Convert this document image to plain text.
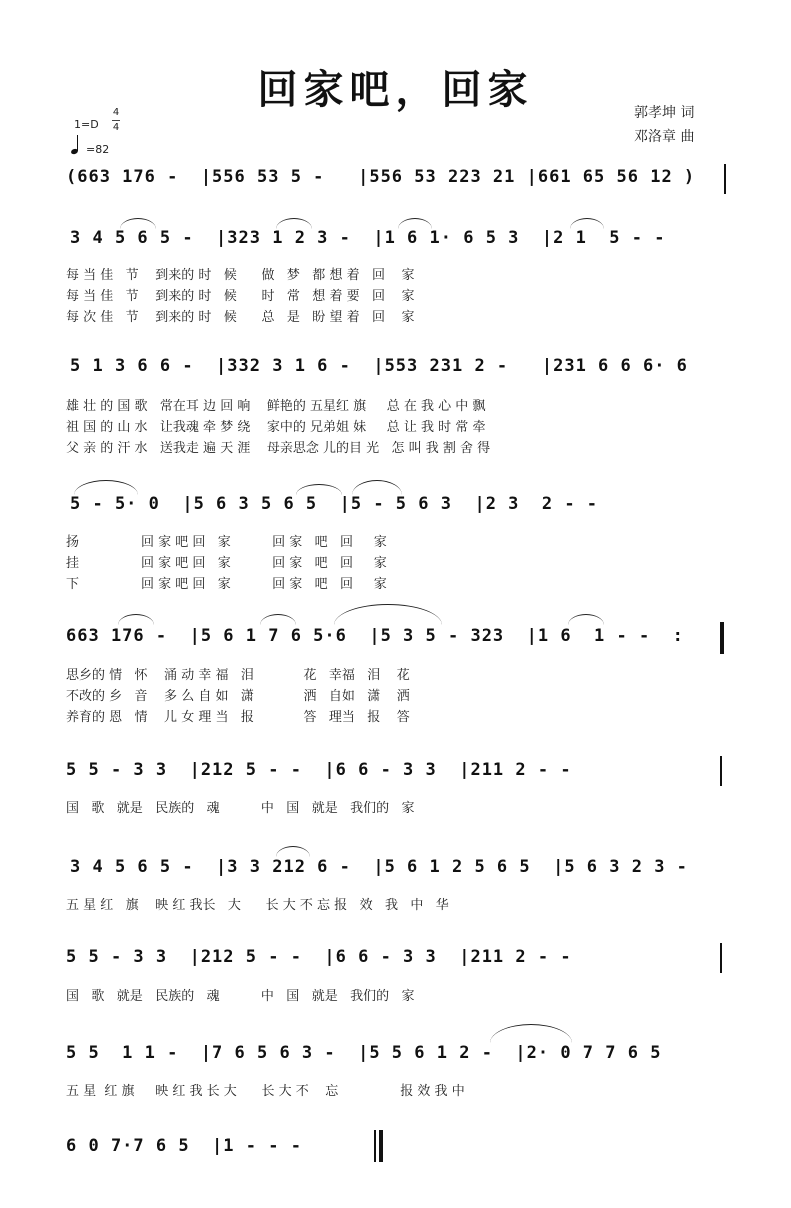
回家吧，回家	郭孝坤 词
邓洛章 曲
1=D
4
4
=82
(663 176 -  |556 53 5 -   |556 53 223 21 |661 65 56 12 )
3 4 5 6 5 -  |323 1 2 3 -  |1 6 1· 6 5 3  |2 1  5 - -
每 当 佳   节    到来的 时   候      做   梦   都 想 着   回    家
每 当 佳   节    到来的 时   候      时   常   想 着 要   回    家
每 次 佳   节    到来的 时   候      总   是   盼 望 着   回    家
5 1 3 6 6 -  |332 3 1 6 -  |553 231 2 -   |231 6 6 6· 6
雄 壮 的 国 歌   常在耳 边 回 响    鲜艳的 五星红 旗     总 在 我 心 中 飘
祖 国 的 山 水   让我魂 牵 梦 绕    家中的 兄弟姐 妹     总 让 我 时 常 牵
父 亲 的 汗 水   送我走 遍 天 涯    母亲思念 儿的目 光   怎 叫 我 割 舍 得
5 - 5· 0  |5 6 3 5 6 5  |5 - 5 6 3  |2 3  2 - -
扬               回 家 吧 回   家          回 家   吧   回     家
挂               回 家 吧 回   家          回 家   吧   回     家
下               回 家 吧 回   家          回 家   吧   回     家
663 176 -  |5 6 1 7 6 5·6  |5 3 5 - 323  |1 6  1 - -  :
思乡的 情   怀    涌 动 幸 福   泪            花   幸福   泪    花
不改的 乡   音    多 么 自 如   潇            洒   自如   潇    洒
养育的 恩   情    儿 女 理 当   报            答   理当   报    答
5 5 - 3 3  |212 5 - -  |6 6 - 3 3  |211 2 - -
国   歌   就是   民族的   魂          中   国   就是   我们的   家
3 4 5 6 5 -  |3 3 212 6 -  |5 6 1 2 5 6 5  |5 6 3 2 3 -
五 星 红   旗    映 红 我长   大      长 大 不 忘 报   效   我   中   华
5 5 - 3 3  |212 5 - -  |6 6 - 3 3  |211 2 - -
国   歌   就是   民族的   魂          中   国   就是   我们的   家
5 5  1 1 -  |7 6 5 6 3 -  |5 5 6 1 2 -  |2· 0 7 7 6 5
五 星  红 旗     映 红 我 长 大      长 大 不    忘               报 效 我 中
6 0 7·7 6 5  |1 - - -
